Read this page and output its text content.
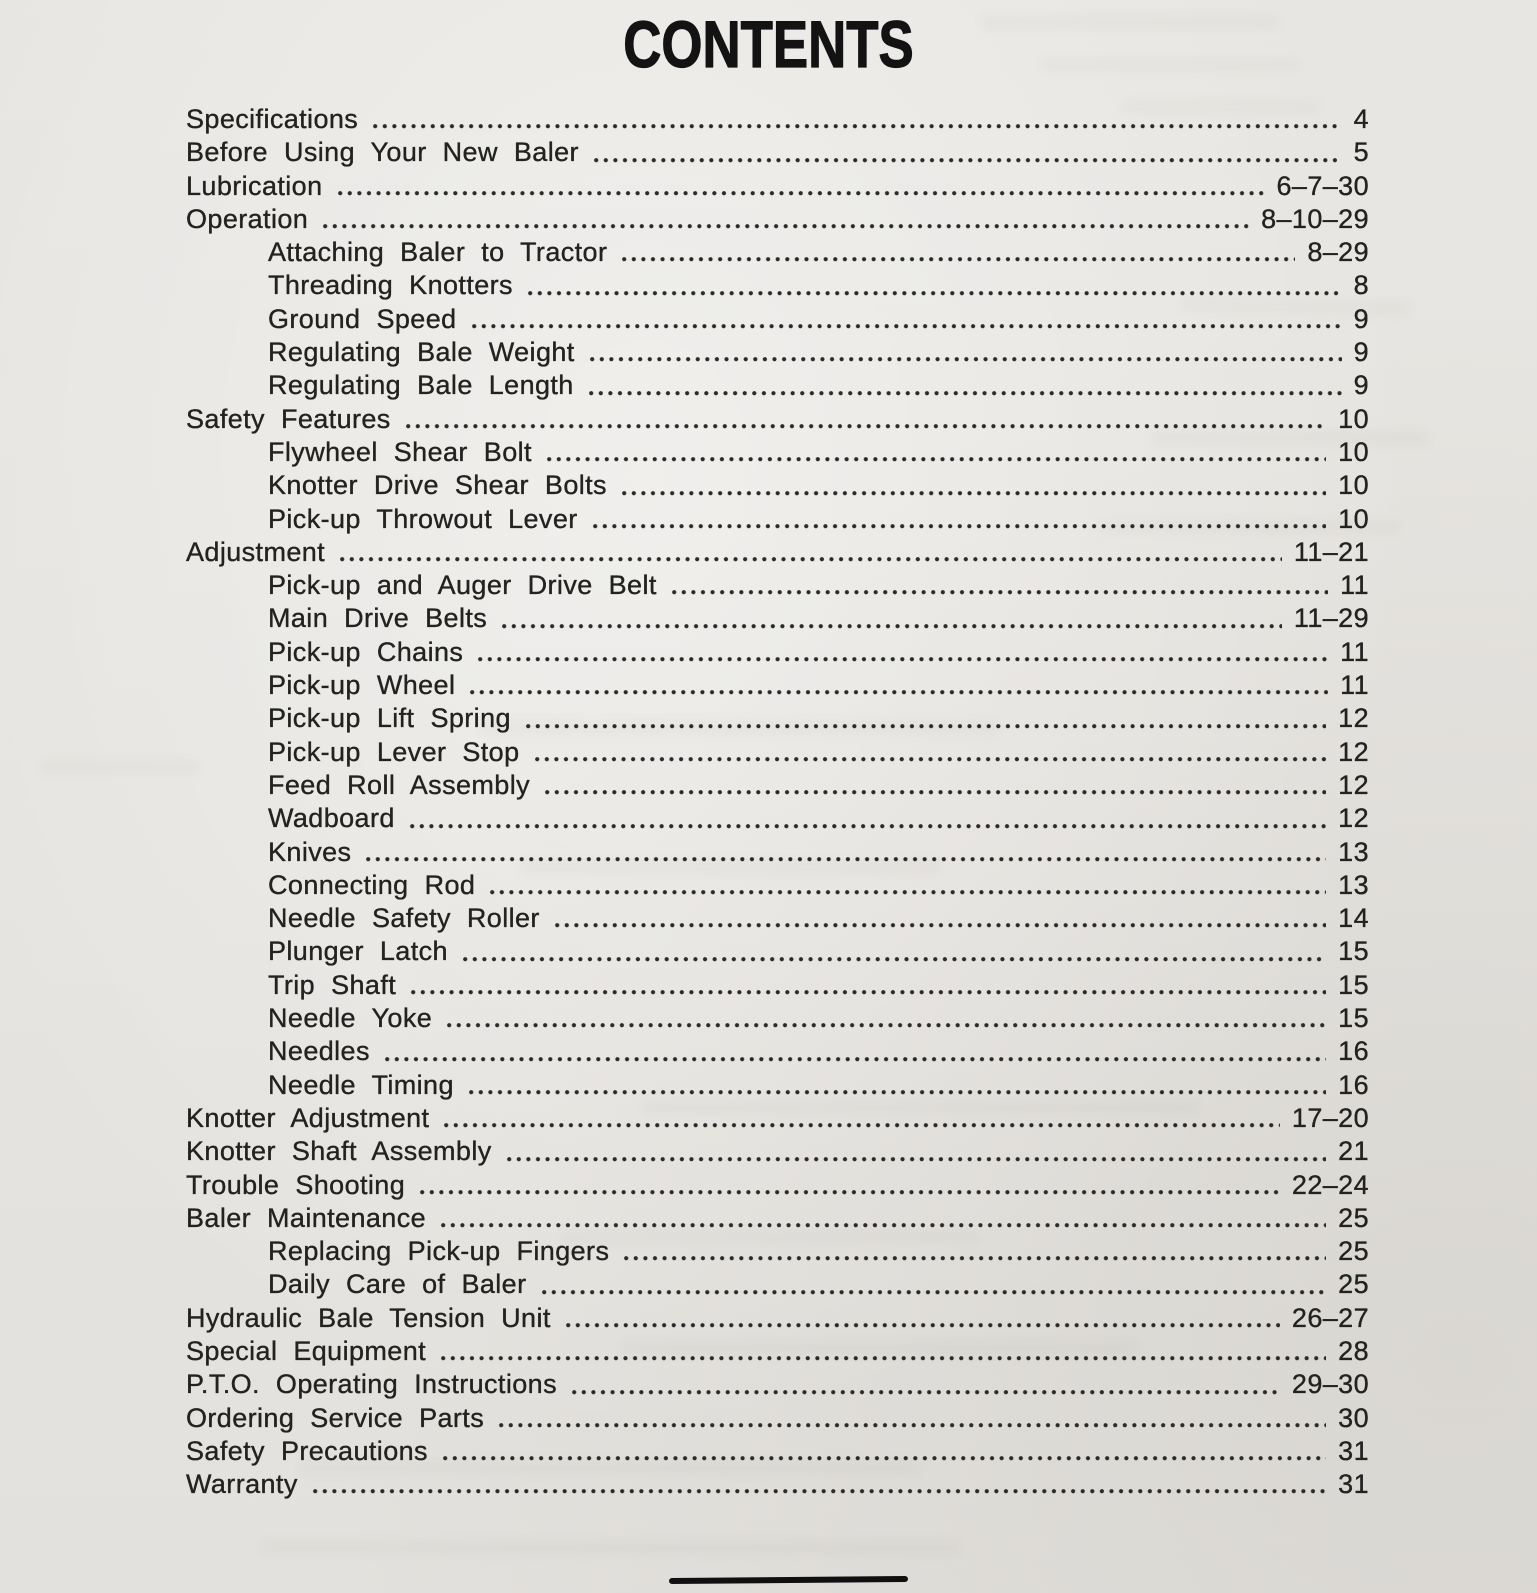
CONTENTS
Specifications	4
Before Using Your New Baler	5
Lubrication	6–7–30
Operation	8–10–29
Attaching Baler to Tractor	8–29
Threading Knotters	8
Ground Speed	9
Regulating Bale Weight	9
Regulating Bale Length	9
Safety Features	10
Flywheel Shear Bolt	10
Knotter Drive Shear Bolts	10
Pick-up Throwout Lever	10
Adjustment	11–21
Pick-up and Auger Drive Belt	11
Main Drive Belts	11–29
Pick-up Chains	11
Pick-up Wheel	11
Pick-up Lift Spring	12
Pick-up Lever Stop	12
Feed Roll Assembly	12
Wadboard	12
Knives	13
Connecting Rod	13
Needle Safety Roller	14
Plunger Latch	15
Trip Shaft	15
Needle Yoke	15
Needles	16
Needle Timing	16
Knotter Adjustment	17–20
Knotter Shaft Assembly	21
Trouble Shooting	22–24
Baler Maintenance	25
Replacing Pick-up Fingers	25
Daily Care of Baler	25
Hydraulic Bale Tension Unit	26–27
Special Equipment	28
P.T.O. Operating Instructions	29–30
Ordering Service Parts	30
Safety Precautions	31
Warranty	31
